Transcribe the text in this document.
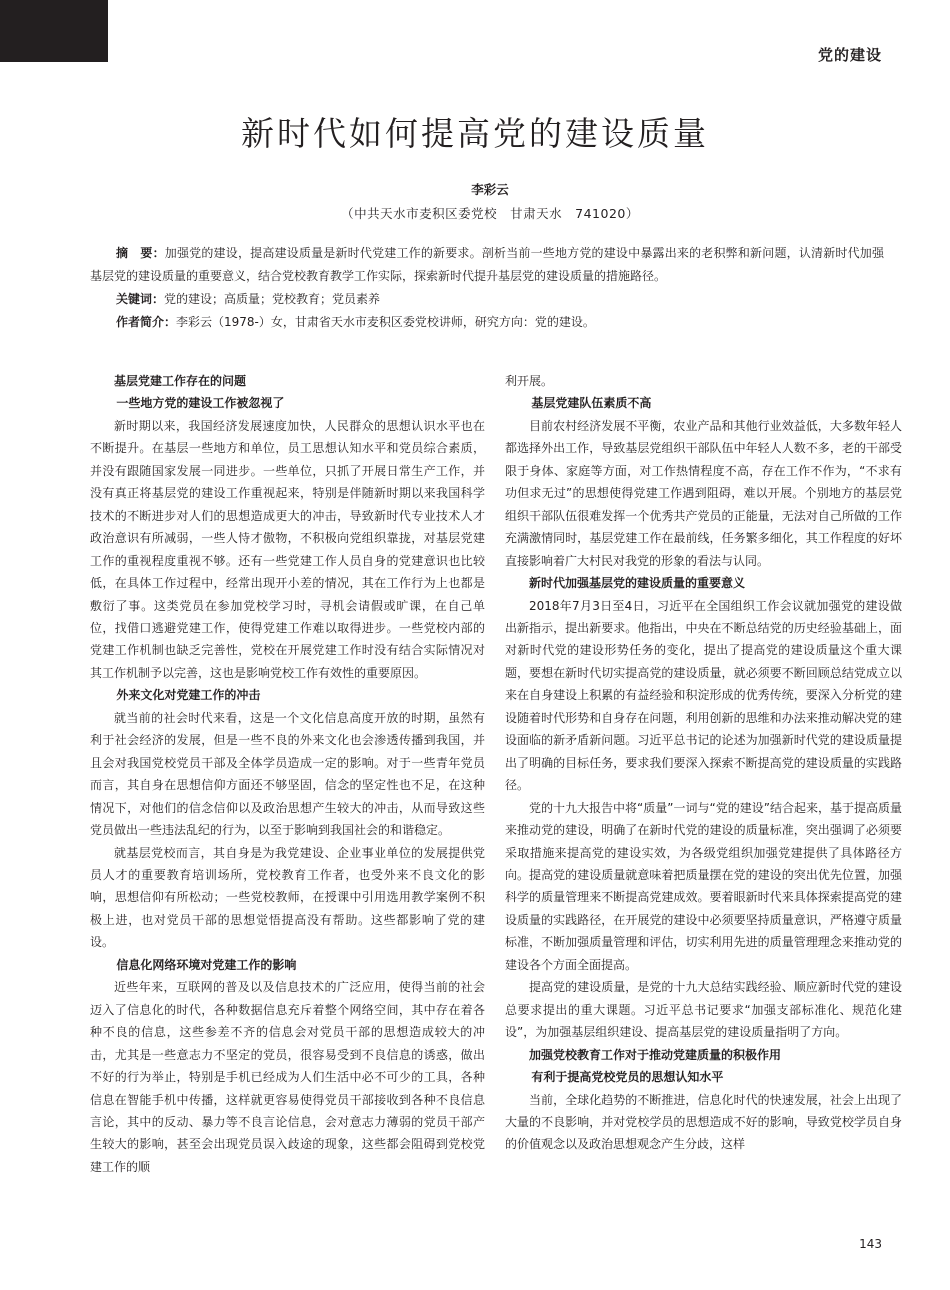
党的建设
新时代如何提高党的建设质量
李彩云
（中共天水市麦积区委党校　甘肃天水　741020）
摘　要：加强党的建设，提高建设质量是新时代党建工作的新要求。剖析当前一些地方党的建设中暴露出来的老积弊和新问题，认清新时代加强基层党的建设质量的重要意义，结合党校教育教学工作实际，探索新时代提升基层党的建设质量的措施路径。
关键词：党的建设；高质量；党校教育；党员素养
作者简介：李彩云（1978-）女，甘肃省天水市麦积区委党校讲师，研究方向：党的建设。
基层党建工作存在的问题
一些地方党的建设工作被忽视了

新时期以来，我国经济发展速度加快，人民群众的思想认识水平也在不断提升。在基层一些地方和单位，员工思想认知水平和党员综合素质，并没有跟随国家发展一同进步。一些单位，只抓了开展日常生产工作，并没有真正将基层党的建设工作重视起来，特别是伴随新时期以来我国科学技术的不断进步对人们的思想造成更大的冲击，导致新时代专业技术人才政治意识有所减弱，一些人恃才傲物，不积极向党组织靠拢，对基层党建工作的重视程度重视不够。还有一些党建工作人员自身的党建意识也比较低，在具体工作过程中，经常出现开小差的情况，其在工作行为上也都是敷衍了事。这类党员在参加党校学习时，寻机会请假或旷课，在自己单位，找借口逃避党建工作，使得党建工作难以取得进步。一些党校内部的党建工作机制也缺乏完善性，党校在开展党建工作时没有结合实际情况对其工作机制予以完善，这也是影响党校工作有效性的重要原因。

外来文化对党建工作的冲击

就当前的社会时代来看，这是一个文化信息高度开放的时期，虽然有利于社会经济的发展，但是一些不良的外来文化也会渗透传播到我国，并且会对我国党校党员干部及全体学员造成一定的影响。对于一些青年党员而言，其自身在思想信仰方面还不够坚固，信念的坚定性也不足，在这种情况下，对他们的信念信仰以及政治思想产生较大的冲击，从而导致这些党员做出一些违法乱纪的行为，以至于影响到我国社会的和谐稳定。

就基层党校而言，其自身是为我党建设、企业事业单位的发展提供党员人才的重要教育培训场所，党校教育工作者，也受外来不良文化的影响，思想信仰有所松动；一些党校教师，在授课中引用选用教学案例不积极上进，也对党员干部的思想觉悟提高没有帮助。这些都影响了党的建设。

信息化网络环境对党建工作的影响

近些年来，互联网的普及以及信息技术的广泛应用，使得当前的社会迈入了信息化的时代，各种数据信息充斥着整个网络空间，其中存在着各种不良的信息，这些参差不齐的信息会对党员干部的思想造成较大的冲击，尤其是一些意志力不坚定的党员，很容易受到不良信息的诱惑，做出不好的行为举止，特别是手机已经成为人们生活中必不可少的工具，各种信息在智能手机中传播，这样就更容易使得党员干部接收到各种不良信息言论，其中的反动、暴力等不良言论信息，会对意志力薄弱的党员干部产生较大的影响，甚至会出现党员误入歧途的现象，这些都会阻碍到党校党建工作的顺

利开展。

基层党建队伍素质不高

目前农村经济发展不平衡，农业产品和其他行业效益低，大多数年轻人都选择外出工作，导致基层党组织干部队伍中年轻人人数不多，老的干部受限于身体、家庭等方面，对工作热情程度不高，存在工作不作为，“不求有功但求无过”的思想使得党建工作遇到阻碍，难以开展。个别地方的基层党组织干部队伍很难发挥一个优秀共产党员的正能量，无法对自己所做的工作充满激情同时，基层党建工作在最前线，任务繁多细化，其工作程度的好坏直接影响着广大村民对我党的形象的看法与认同。

新时代加强基层党的建设质量的重要意义

2018年7月3日至4日，习近平在全国组织工作会议就加强党的建设做出新指示，提出新要求。他指出，中央在不断总结党的历史经验基础上，面对新时代党的建设形势任务的变化，提出了提高党的建设质量这个重大课题，要想在新时代切实提高党的建设质量，就必须要不断回顾总结党成立以来在自身建设上积累的有益经验和积淀形成的优秀传统，要深入分析党的建设随着时代形势和自身存在问题，利用创新的思维和办法来推动解决党的建设面临的新矛盾新问题。习近平总书记的论述为加强新时代党的建设质量提出了明确的目标任务，要求我们要深入探索不断提高党的建设质量的实践路径。

党的十九大报告中将“质量”一词与“党的建设”结合起来，基于提高质量来推动党的建设，明确了在新时代党的建设的质量标准，突出强调了必须要采取措施来提高党的建设实效，为各级党组织加强党建提供了具体路径方向。提高党的建设质量就意味着把质量摆在党的建设的突出优先位置，加强科学的质量管理来不断提高党建成效。要着眼新时代来具体探索提高党的建设质量的实践路径，在开展党的建设中必须要坚持质量意识，严格遵守质量标准，不断加强质量管理和评估，切实利用先进的质量管理理念来推动党的建设各个方面全面提高。

提高党的建设质量，是党的十九大总结实践经验、顺应新时代党的建设总要求提出的重大课题。习近平总书记要求“加强支部标准化、规范化建设”，为加强基层组织建设、提高基层党的建设质量指明了方向。

加强党校教育工作对于推动党建质量的积极作用
有利于提高党校党员的思想认知水平

当前，全球化趋势的不断推进，信息化时代的快速发展，社会上出现了大量的不良影响，并对党校学员的思想造成不好的影响，导致党校学员自身的价值观念以及政治思想观念产生分歧，这样

143
